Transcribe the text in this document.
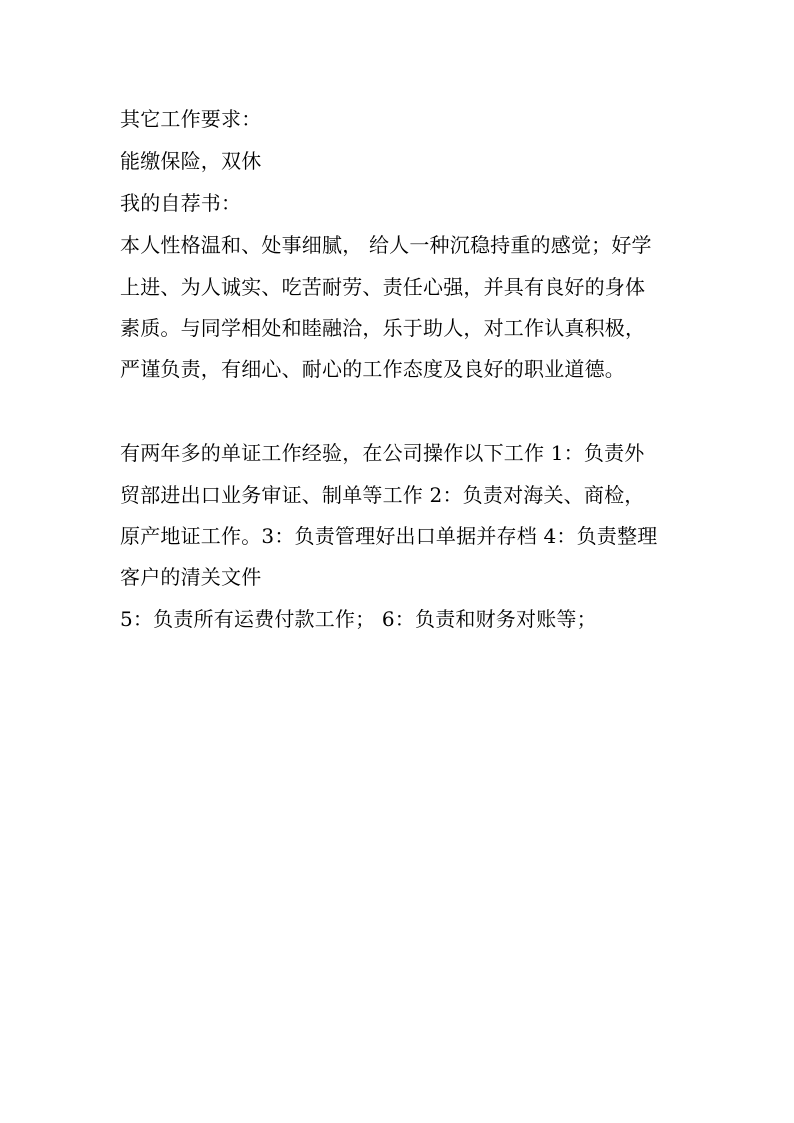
其它工作要求：
能缴保险，双休
我的自荐书：
本人性格温和、处事细腻， 给人一种沉稳持重的感觉；好学
上进、为人诚实、吃苦耐劳、责任心强，并具有良好的身体
素质。与同学相处和睦融洽，乐于助人，对工作认真积极，
严谨负责，有细心、耐心的工作态度及良好的职业道德。
有两年多的单证工作经验，在公司操作以下工作 1：负责外
贸部进出口业务审证、制单等工作 2：负责对海关、商检，
原产地证工作。3：负责管理好出口单据并存档 4：负责整理
客户的清关文件
5：负责所有运费付款工作； 6：负责和财务对账等；
